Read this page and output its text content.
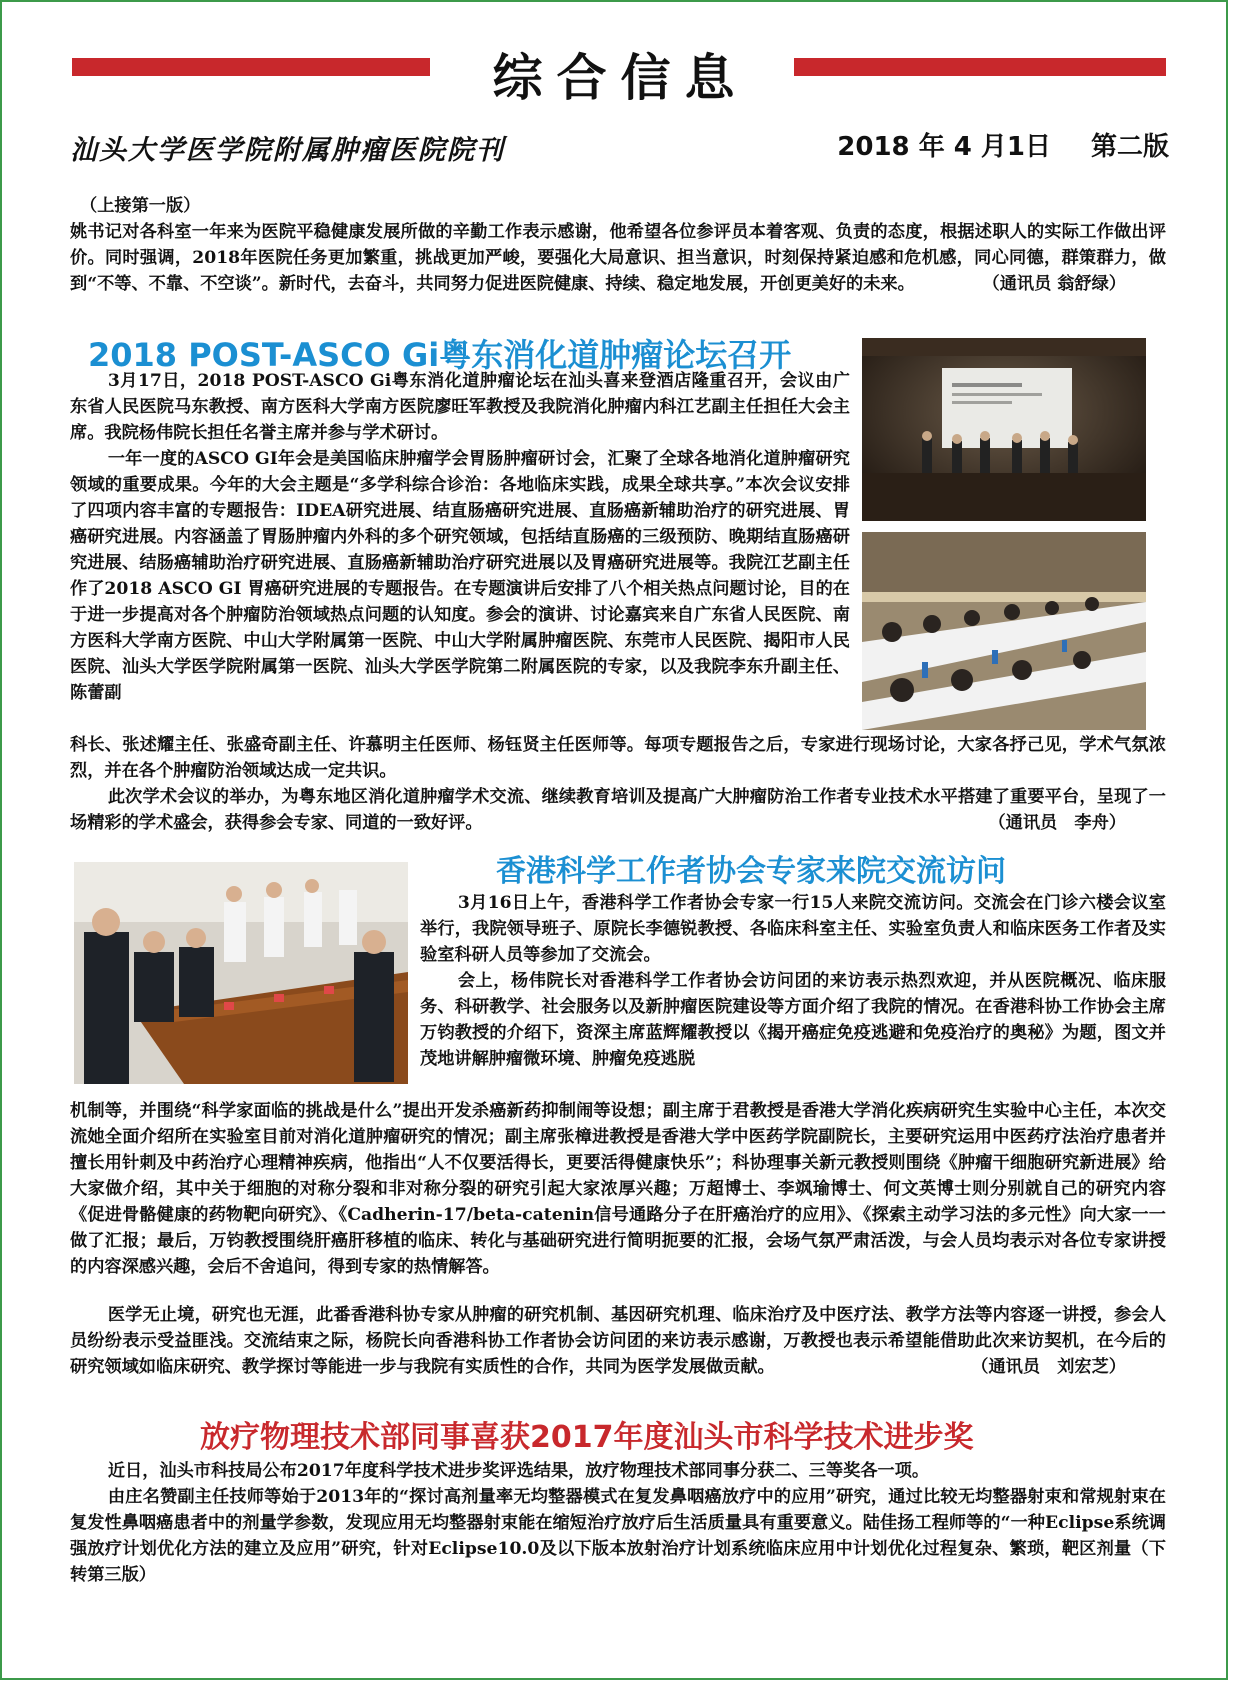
综合信息
汕头大学医学院附属肿瘤医院院刊	2018 年 4 月1日 第二版

（上接第一版）

姚书记对各科室一年来为医院平稳健康发展所做的辛勤工作表示感谢，他希望各位参评员本着客观、负责的态度，根据述职人的实际工作做出评价。同时强调，2018年医院任务更加繁重，挑战更加严峻，要强化大局意识、担当意识，时刻保持紧迫感和危机感，同心同德，群策群力，做到“不等、不靠、不空谈”。新时代，去奋斗，共同努力促进医院健康、持续、稳定地发展，开创更美好的未来。	（通讯员 翁舒绿）

2018 POST-ASCO Gi粤东消化道肿瘤论坛召开

3月17日，2018 POST-ASCO Gi粤东消化道肿瘤论坛在汕头喜来登酒店隆重召开，会议由广东省人民医院马东教授、南方医科大学南方医院廖旺军教授及我院消化肿瘤内科江艺副主任担任大会主席。我院杨伟院长担任名誉主席并参与学术研讨。

一年一度的ASCO GI年会是美国临床肿瘤学会胃肠肿瘤研讨会，汇聚了全球各地消化道肿瘤研究领域的重要成果。今年的大会主题是“多学科综合诊治：各地临床实践，成果全球共享。”本次会议安排了四项内容丰富的专题报告：IDEA研究进展、结直肠癌研究进展、直肠癌新辅助治疗的研究进展、胃癌研究进展。内容涵盖了胃肠肿瘤内外科的多个研究领域，包括结直肠癌的三级预防、晚期结直肠癌研究进展、结肠癌辅助治疗研究进展、直肠癌新辅助治疗研究进展以及胃癌研究进展等。我院江艺副主任作了2018 ASCO GI 胃癌研究进展的专题报告。在专题演讲后安排了八个相关热点问题讨论，目的在于进一步提高对各个肿瘤防治领域热点问题的认知度。参会的演讲、讨论嘉宾来自广东省人民医院、南方医科大学南方医院、中山大学附属第一医院、中山大学附属肿瘤医院、东莞市人民医院、揭阳市人民医院、汕头大学医学院附属第一医院、汕头大学医学院第二附属医院的专家，以及我院李东升副主任、陈蕾副

科长、张述耀主任、张盛奇副主任、许慕明主任医师、杨钰贤主任医师等。每项专题报告之后，专家进行现场讨论，大家各抒己见，学术气氛浓烈，并在各个肿瘤防治领域达成一定共识。

此次学术会议的举办，为粤东地区消化道肿瘤学术交流、继续教育培训及提高广大肿瘤防治工作者专业技术水平搭建了重要平台，呈现了一场精彩的学术盛会，获得参会专家、同道的一致好评。	（通讯员　李舟）

香港科学工作者协会专家来院交流访问

3月16日上午，香港科学工作者协会专家一行15人来院交流访问。交流会在门诊六楼会议室举行，我院领导班子、原院长李德锐教授、各临床科室主任、实验室负责人和临床医务工作者及实验室科研人员等参加了交流会。

会上，杨伟院长对香港科学工作者协会访问团的来访表示热烈欢迎，并从医院概况、临床服务、科研教学、社会服务以及新肿瘤医院建设等方面介绍了我院的情况。在香港科协工作协会主席万钧教授的介绍下，资深主席蓝辉耀教授以《揭开癌症免疫逃避和免疫治疗的奥秘》为题，图文并茂地讲解肿瘤微环境、肿瘤免疫逃脱

机制等，并围绕“科学家面临的挑战是什么”提出开发杀癌新药抑制闹等设想；副主席于君教授是香港大学消化疾病研究生实验中心主任，本次交流她全面介绍所在实验室目前对消化道肿瘤研究的情况；副主席张樟进教授是香港大学中医药学院副院长，主要研究运用中医药疗法治疗患者并擅长用针刺及中药治疗心理精神疾病，他指出“人不仅要活得长，更要活得健康快乐”；科协理事关新元教授则围绕《肿瘤干细胞研究新进展》给大家做介绍，其中关于细胞的对称分裂和非对称分裂的研究引起大家浓厚兴趣；万超博士、李飒瑜博士、何文英博士则分别就自己的研究内容《促进骨骼健康的药物靶向研究》、《Cadherin-17/beta-catenin信号通路分子在肝癌治疗的应用》、《探索主动学习法的多元性》向大家一一做了汇报；最后，万钧教授围绕肝癌肝移植的临床、转化与基础研究进行简明扼要的汇报，会场气氛严肃活泼，与会人员均表示对各位专家讲授的内容深感兴趣，会后不舍追问，得到专家的热情解答。

医学无止境，研究也无涯，此番香港科协专家从肿瘤的研究机制、基因研究机理、临床治疗及中医疗法、教学方法等内容逐一讲授，参会人员纷纷表示受益匪浅。交流结束之际，杨院长向香港科协工作者协会访问团的来访表示感谢，万教授也表示希望能借助此次来访契机，在今后的研究领域如临床研究、教学探讨等能进一步与我院有实质性的合作，共同为医学发展做贡献。	（通讯员　刘宏芝）

放疗物理技术部同事喜获2017年度汕头市科学技术进步奖

近日，汕头市科技局公布2017年度科学技术进步奖评选结果，放疗物理技术部同事分获二、三等奖各一项。

由庄名赞副主任技师等始于2013年的“探讨高剂量率无均整器模式在复发鼻咽癌放疗中的应用”研究，通过比较无均整器射束和常规射束在复发性鼻咽癌患者中的剂量学参数，发现应用无均整器射束能在缩短治疗放疗后生活质量具有重要意义。陆佳扬工程师等的“一种Eclipse系统调强放疗计划优化方法的建立及应用”研究，针对Eclipse10.0及以下版本放射治疗计划系统临床应用中计划优化过程复杂、繁琐，靶区剂量（下转第三版）
